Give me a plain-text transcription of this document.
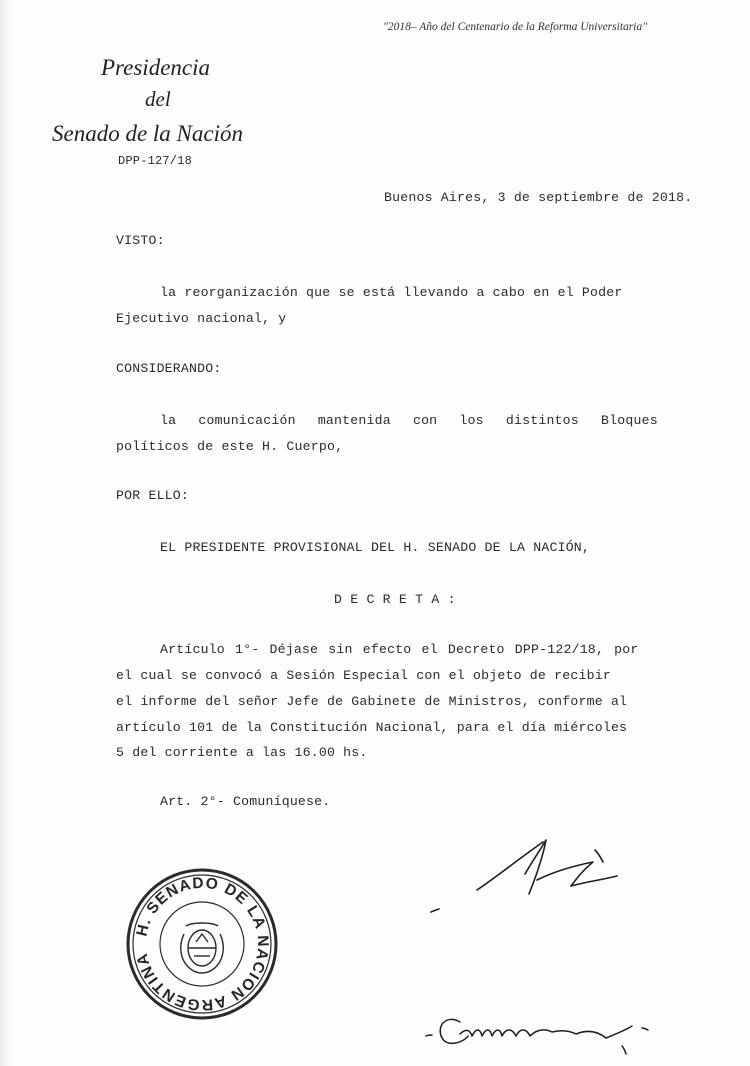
"2018– Año del Centenario de la Reforma Universitaria"

Presidencia

del

Senado de la Nación

DPP-127/18

Buenos Aires, 3 de septiembre de 2018.

VISTO:

la reorganización que se está llevando a cabo en el Poder

Ejecutivo nacional, y

CONSIDERANDO:

la comunicación mantenida con los distintos Bloques

políticos de este H. Cuerpo,

POR ELLO:

EL PRESIDENTE PROVISIONAL DEL H. SENADO DE LA NACIÓN,

D E C R E T A :

Artículo 1°- Déjase sin efecto el Decreto DPP-122/18, por

el cual se convocó a Sesión Especial con el objeto de recibir

el informe del señor Jefe de Gabinete de Ministros, conforme al

artículo 101 de la Constitución Nacional, para el día miércoles

5 del corriente a las 16.00 hs.

Art. 2°- Comuníquese.

H. SENADO DE LA NACION ARGENTINA
